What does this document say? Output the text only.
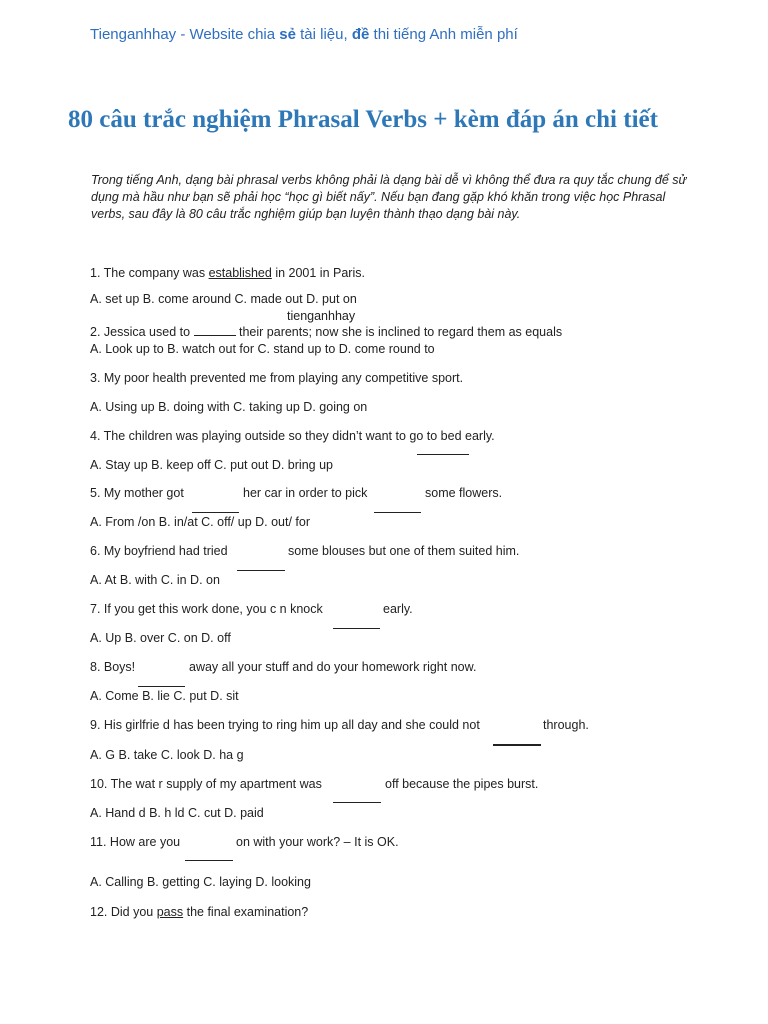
Tienganhhay - Website chia sẻ tài liệu, đề thi tiếng Anh miễn phí
80 câu trắc nghiệm Phrasal Verbs + kèm đáp án chi tiết
Trong tiếng Anh, dạng bài phrasal verbs không phải là dạng bài dễ vì không thể đưa ra quy tắc chung để sử dụng mà hầu như bạn sẽ phải học “học gì biết nấy”. Nếu bạn đang gặp khó khăn trong việc học Phrasal verbs, sau đây là 80 câu trắc nghiệm giúp bạn luyện thành thạo dạng bài này.
1. The company was established in 2001 in Paris.
A. set up B. come around C. made out D. put on
tienganhhay
2. Jessica used to	their parents; now she is inclined to regard them as equals
A. Look up to B. watch out for C. stand up to D. come round to
3. My poor health prevented me from playing any competitive sport.
A. Using up B. doing with C. taking up D. going on
4. The children was playing outside so they didn’t want to go to bed early.
A. Stay up B. keep off C. put out D. bring up
5. My mother got	her car in order to pick	some flowers.
A. From /on B. in/at C. off/ up D. out/ for
6. My boyfriend had tried	some blouses but one of them suited him.
A. At B. with C. in D. on
7. If you get this work done, you c n knock	early.
A. Up B. over C. on D. off
8. Boys!	away all your stuff and do your homework right now.
A. Come B. lie C. put D. sit
9. His girlfrie d has been trying to ring him up all day and she could not	through.
A. G B. take C. look D. ha g
10. The wat r supply of my apartment was	off because the pipes burst.
A. Hand d B. h ld C. cut D. paid
11. How are you	on with your work? – It is OK.
A. Calling B. getting C. laying D. looking
12. Did you pass the final examination?
